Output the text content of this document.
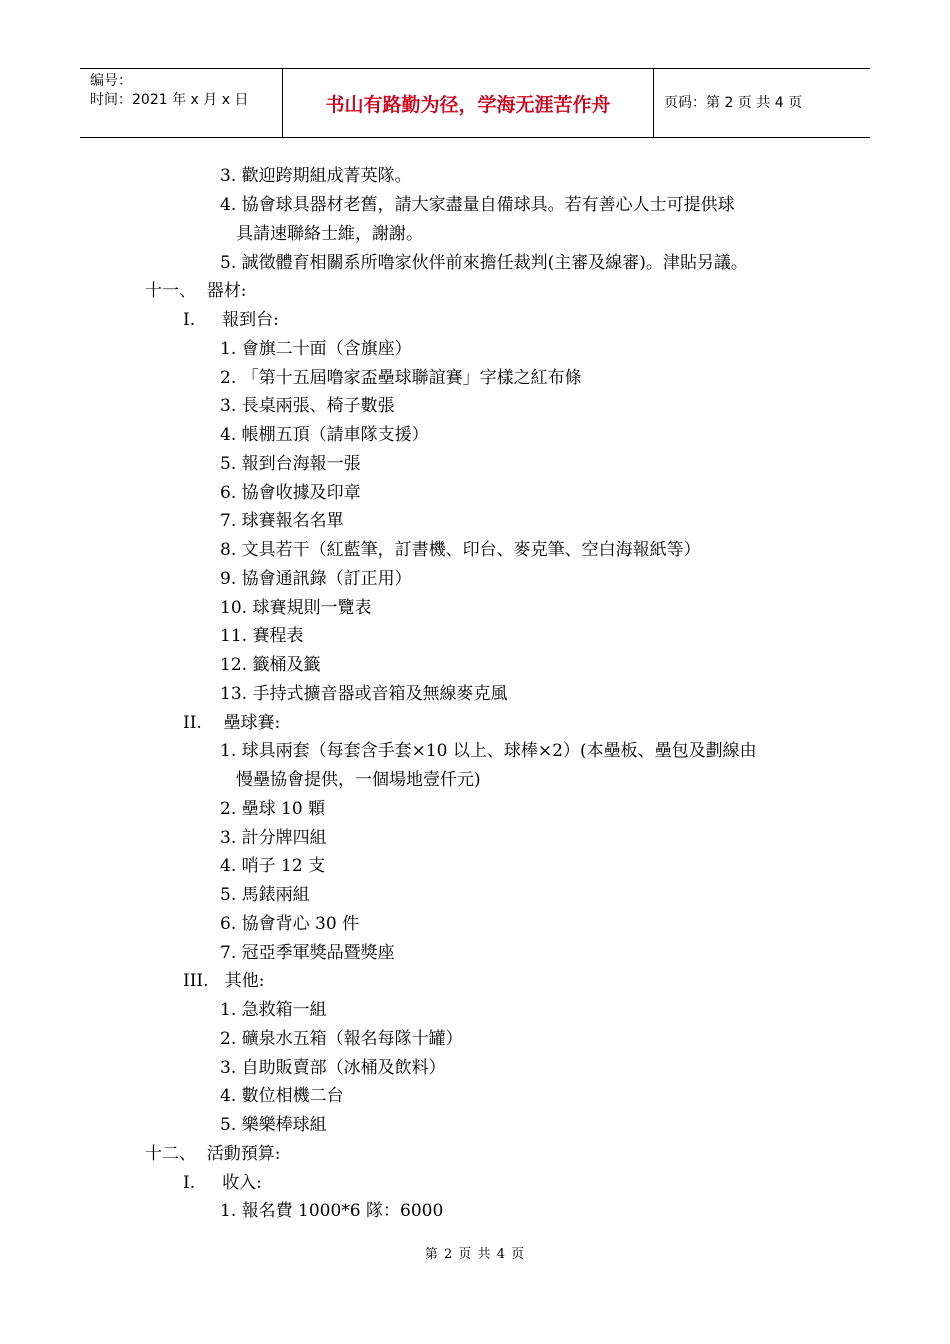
编号：
时间：2021 年 x 月 x 日	书山有路勤为径，学海无涯苦作舟	页码：第 2 页 共 4 页
3. 歡迎跨期組成菁英隊。
4. 協會球具器材老舊，請大家盡量自備球具。若有善心人士可提供球
具請速聯絡士維，謝謝。
5. 誠徵體育相關系所噜家伙伴前來擔任裁判(主審及線審)。津貼另議。
十一、  器材:
I.     報到台:
1. 會旗二十面（含旗座）
2. 「第十五屆噜家盃壘球聯誼賽」字樣之紅布條
3. 長桌兩張、椅子數張
4. 帳棚五頂（請車隊支援）
5. 報到台海報一張
6. 協會收據及印章
7. 球賽報名名單
8. 文具若干（紅藍筆，訂書機、印台、麥克筆、空白海報紙等）
9. 協會通訊錄（訂正用）
10. 球賽規則一覽表
11. 賽程表
12. 籤桶及籤
13. 手持式擴音器或音箱及無線麥克風
II.    壘球賽:
1. 球具兩套（每套含手套×10 以上、球棒×2）(本壘板、壘包及劃線由
慢壘協會提供，一個場地壹仟元)
2. 壘球 10 顆
3. 計分牌四組
4. 哨子 12 支
5. 馬錶兩組
6. 協會背心 30 件
7. 冠亞季軍獎品暨獎座
III.   其他:
1. 急救箱一組
2. 礦泉水五箱（報名每隊十罐）
3. 自助販賣部（冰桶及飲料）
4. 數位相機二台
5. 樂樂棒球組
十二、  活動預算:
I.     收入:
1. 報名費 1000*6 隊：6000
第 2 页 共 4 页
